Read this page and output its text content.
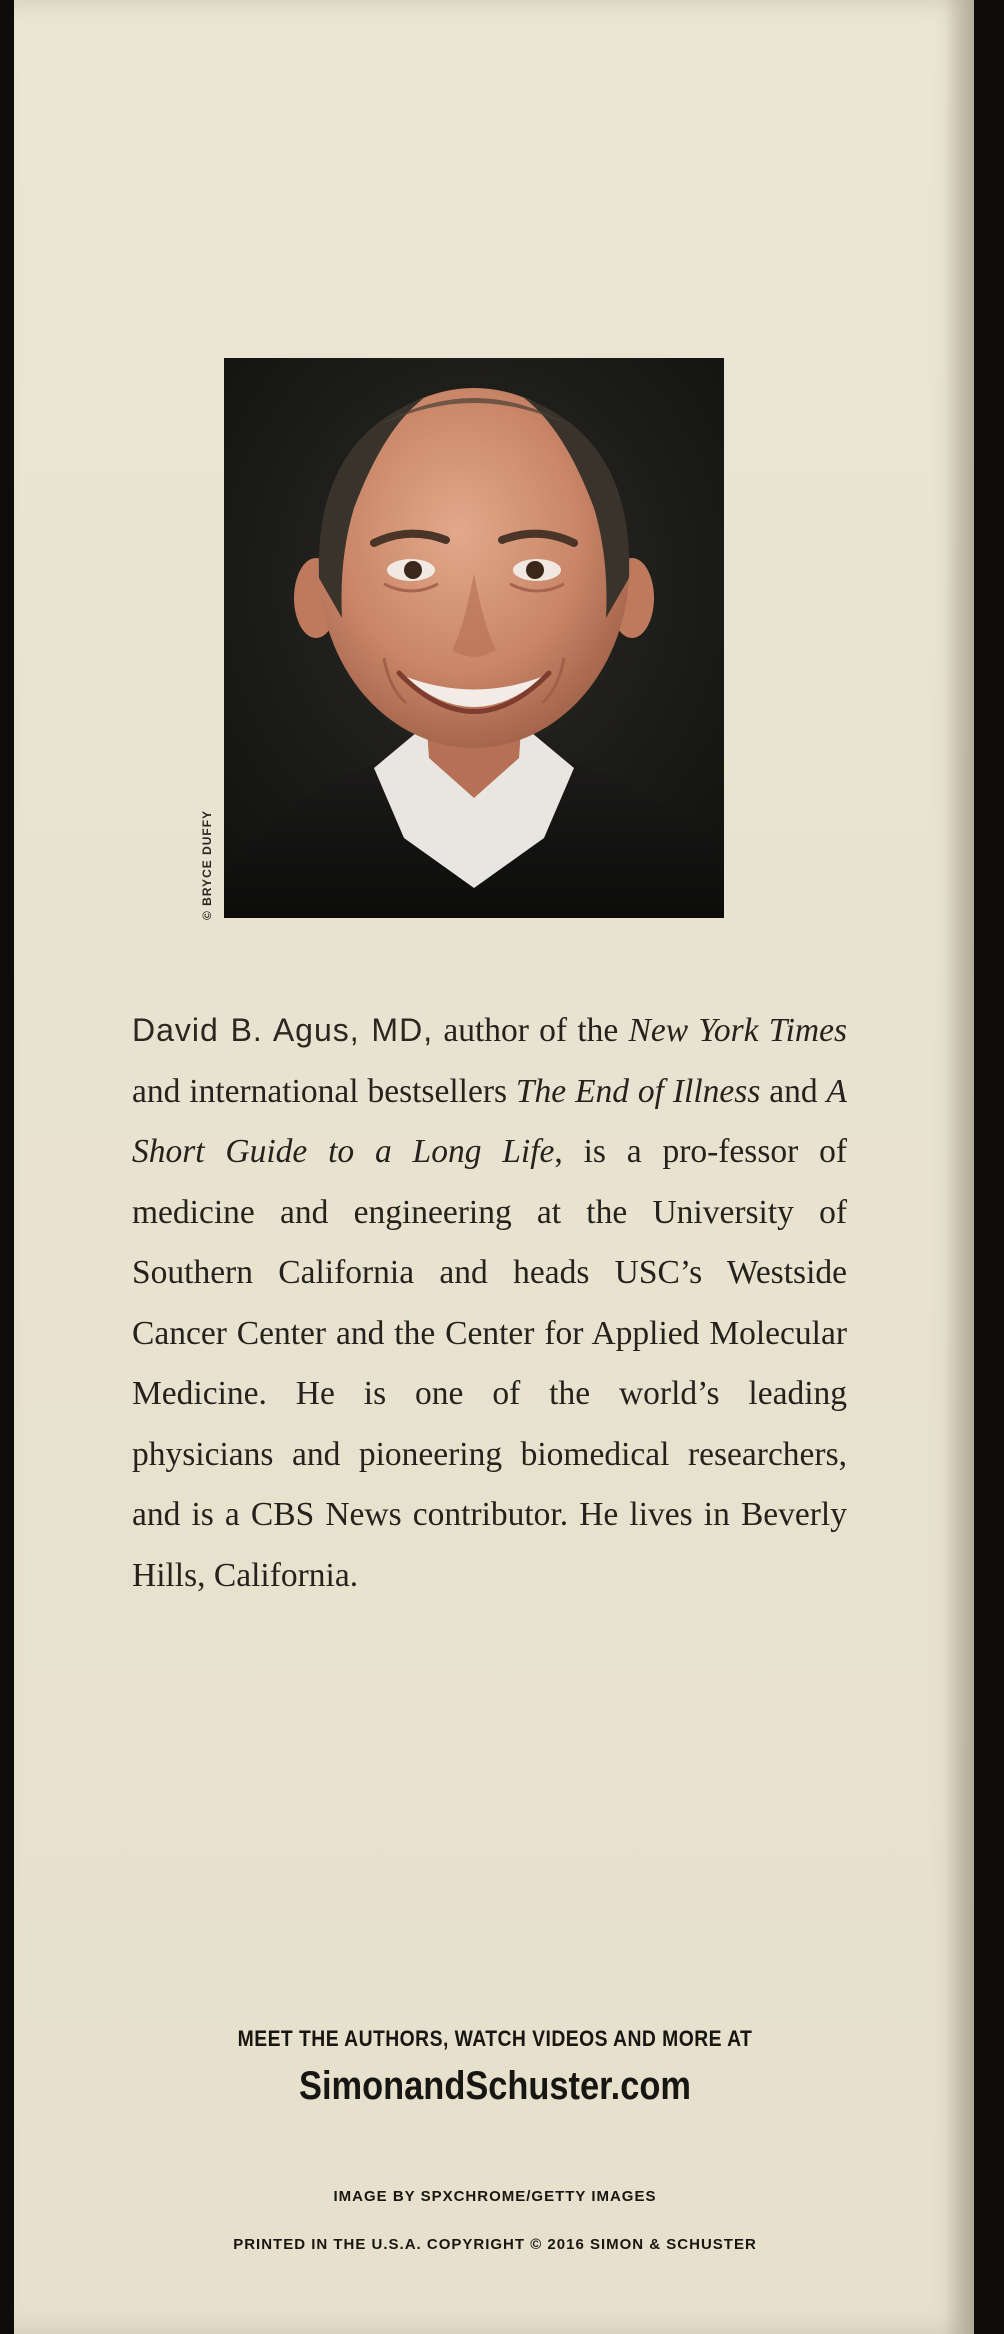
© BRYCE DUFFY

David B. Agus, MD, author of the New York Times and international bestsellers The End of Illness and A Short Guide to a Long Life, is a pro-fessor of medicine and engineering at the University of Southern California and heads USC’s Westside Cancer Center and the Center for Applied Molecular Medicine. He is one of the world’s leading physicians and pioneering biomedical researchers, and is a CBS News contributor. He lives in Beverly Hills, California.

MEET THE AUTHORS, WATCH VIDEOS AND MORE AT

SimonandSchuster.com

IMAGE BY SPXCHROME/GETTY IMAGES

PRINTED IN THE U.S.A. COPYRIGHT © 2016 SIMON & SCHUSTER
